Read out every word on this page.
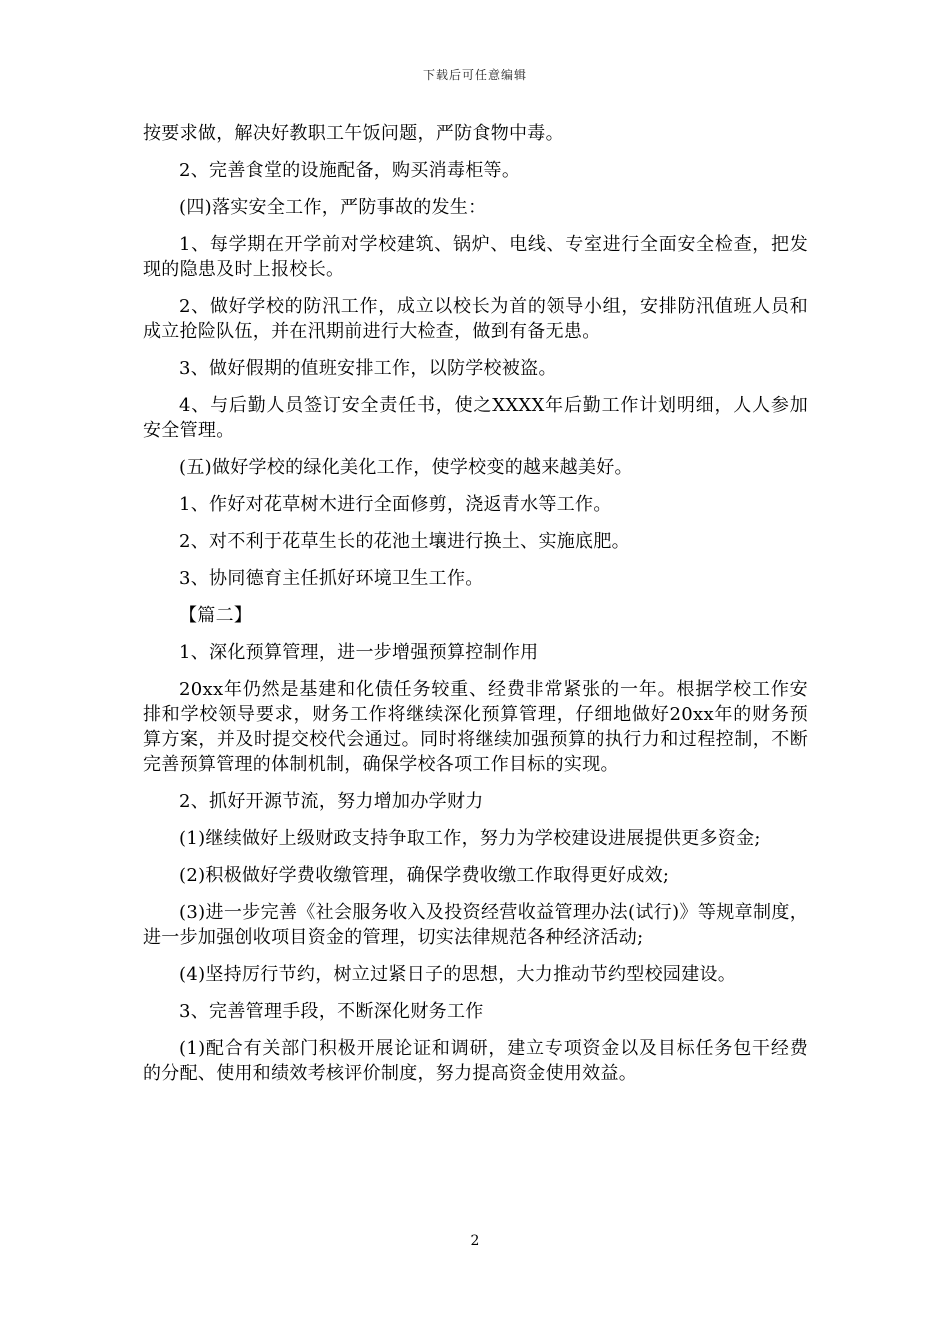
下载后可任意编辑

按要求做，解决好教职工午饭问题，严防食物中毒。

2、完善食堂的设施配备，购买消毒柜等。

(四)落实安全工作，严防事故的发生：

1、每学期在开学前对学校建筑、锅炉、电线、专室进行全面安全检查，把发现的隐患及时上报校长。

2、做好学校的防汛工作，成立以校长为首的领导小组，安排防汛值班人员和成立抢险队伍，并在汛期前进行大检查，做到有备无患。

3、做好假期的值班安排工作，以防学校被盗。

4、与后勤人员签订安全责任书，使之XXXX年后勤工作计划明细，人人参加安全管理。

(五)做好学校的绿化美化工作，使学校变的越来越美好。

1、作好对花草树木进行全面修剪，浇返青水等工作。

2、对不利于花草生长的花池土壤进行换土、实施底肥。

3、协同德育主任抓好环境卫生工作。

【篇二】

1、深化预算管理，进一步增强预算控制作用

20xx年仍然是基建和化债任务较重、经费非常紧张的一年。根据学校工作安排和学校领导要求，财务工作将继续深化预算管理，仔细地做好20xx年的财务预算方案，并及时提交校代会通过。同时将继续加强预算的执行力和过程控制，不断完善预算管理的体制机制，确保学校各项工作目标的实现。

2、抓好开源节流，努力增加办学财力

(1)继续做好上级财政支持争取工作，努力为学校建设进展提供更多资金;

(2)积极做好学费收缴管理，确保学费收缴工作取得更好成效;

(3)进一步完善《社会服务收入及投资经营收益管理办法(试行)》等规章制度，进一步加强创收项目资金的管理，切实法律规范各种经济活动;

(4)坚持厉行节约，树立过紧日子的思想，大力推动节约型校园建设。

3、完善管理手段，不断深化财务工作

(1)配合有关部门积极开展论证和调研，建立专项资金以及目标任务包干经费的分配、使用和绩效考核评价制度，努力提高资金使用效益。

2
